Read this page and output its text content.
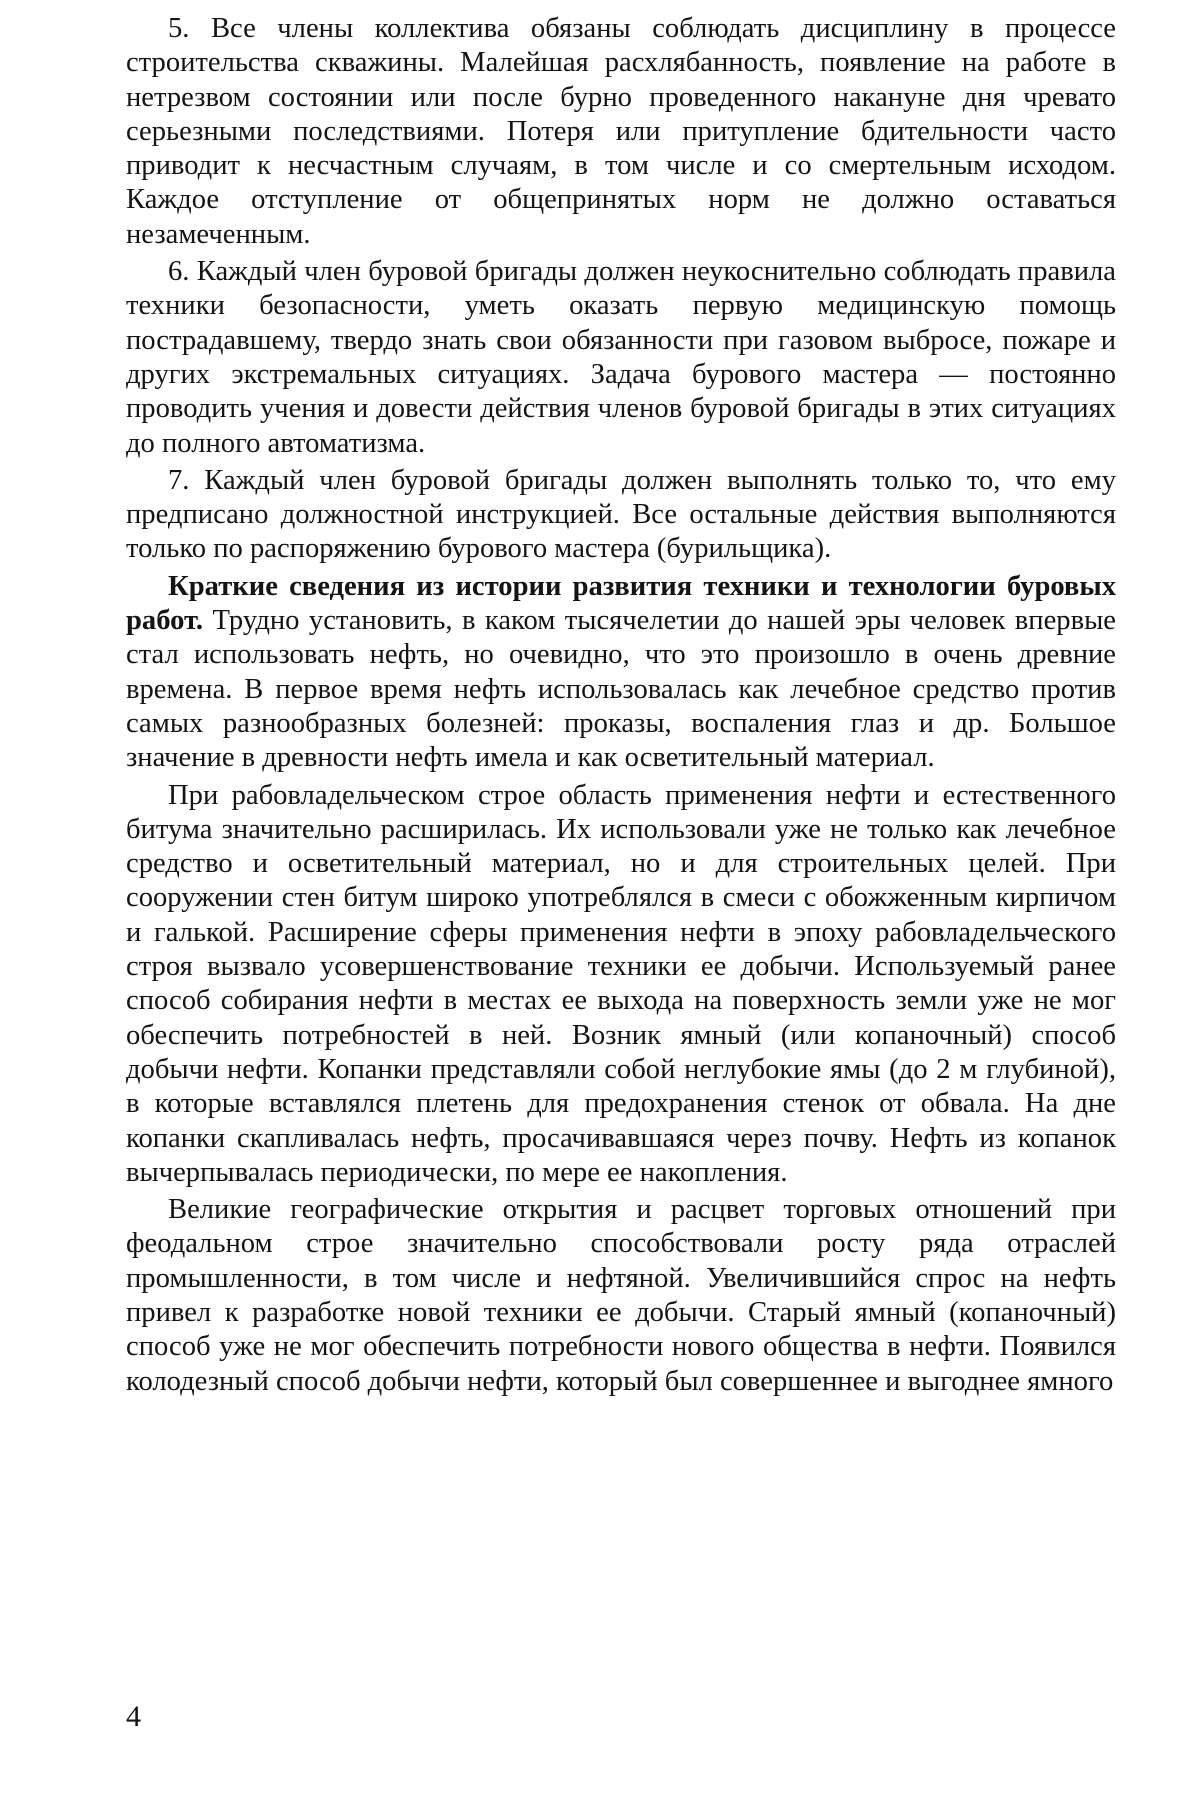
5. Все члены коллектива обязаны соблюдать дисциплину в процессе строительства скважины. Малейшая расхлябанность, появление на работе в нетрезвом состоянии или после бурно проведенного накануне дня чревато серьезными последствиями. Потеря или притупление бдительности часто приводит к несчастным случаям, в том числе и со смертельным исходом. Каждое отступление от общепринятых норм не должно оставаться незамеченным.

6. Каждый член буровой бригады должен неукоснительно соблюдать правила техники безопасности, уметь оказать первую медицинскую помощь пострадавшему, твердо знать свои обязанности при газовом выбросе, пожаре и других экстремальных ситуациях. Задача бурового мастера — постоянно проводить учения и довести действия членов буровой бригады в этих ситуациях до полного автоматизма.

7. Каждый член буровой бригады должен выполнять только то, что ему предписано должностной инструкцией. Все остальные действия выполняются только по распоряжению бурового мастера (бурильщика).

Краткие сведения из истории развития техники и технологии буровых работ. Трудно установить, в каком тысячелетии до нашей эры человек впервые стал использовать нефть, но очевидно, что это произошло в очень древние времена. В первое время нефть использовалась как лечебное средство против самых разнообразных болезней: проказы, воспаления глаз и др. Большое значение в древности нефть имела и как осветительный материал.

При рабовладельческом строе область применения нефти и естественного битума значительно расширилась. Их использовали уже не только как лечебное средство и осветительный материал, но и для строительных целей. При сооружении стен битум широко употреблялся в смеси с обожженным кирпичом и галькой. Расширение сферы применения нефти в эпоху рабовладельческого строя вызвало усовершенствование техники ее добычи. Используемый ранее способ собирания нефти в местах ее выхода на поверхность земли уже не мог обеспечить потребностей в ней. Возник ямный (или копаночный) способ добычи нефти. Копанки представляли собой неглубокие ямы (до 2 м глубиной), в которые вставлялся плетень для предохранения стенок от обвала. На дне копанки скапливалась нефть, просачивавшаяся через почву. Нефть из копанок вычерпывалась периодически, по мере ее накопления.

Великие географические открытия и расцвет торговых отношений при феодальном строе значительно способствовали росту ряда отраслей промышленности, в том числе и нефтяной. Увеличившийся спрос на нефть привел к разработке новой техники ее добычи. Старый ямный (копаночный) способ уже не мог обеспечить потребности нового общества в нефти. Появился колодезный способ добычи нефти, который был совершеннее и выгоднее ямного

4
